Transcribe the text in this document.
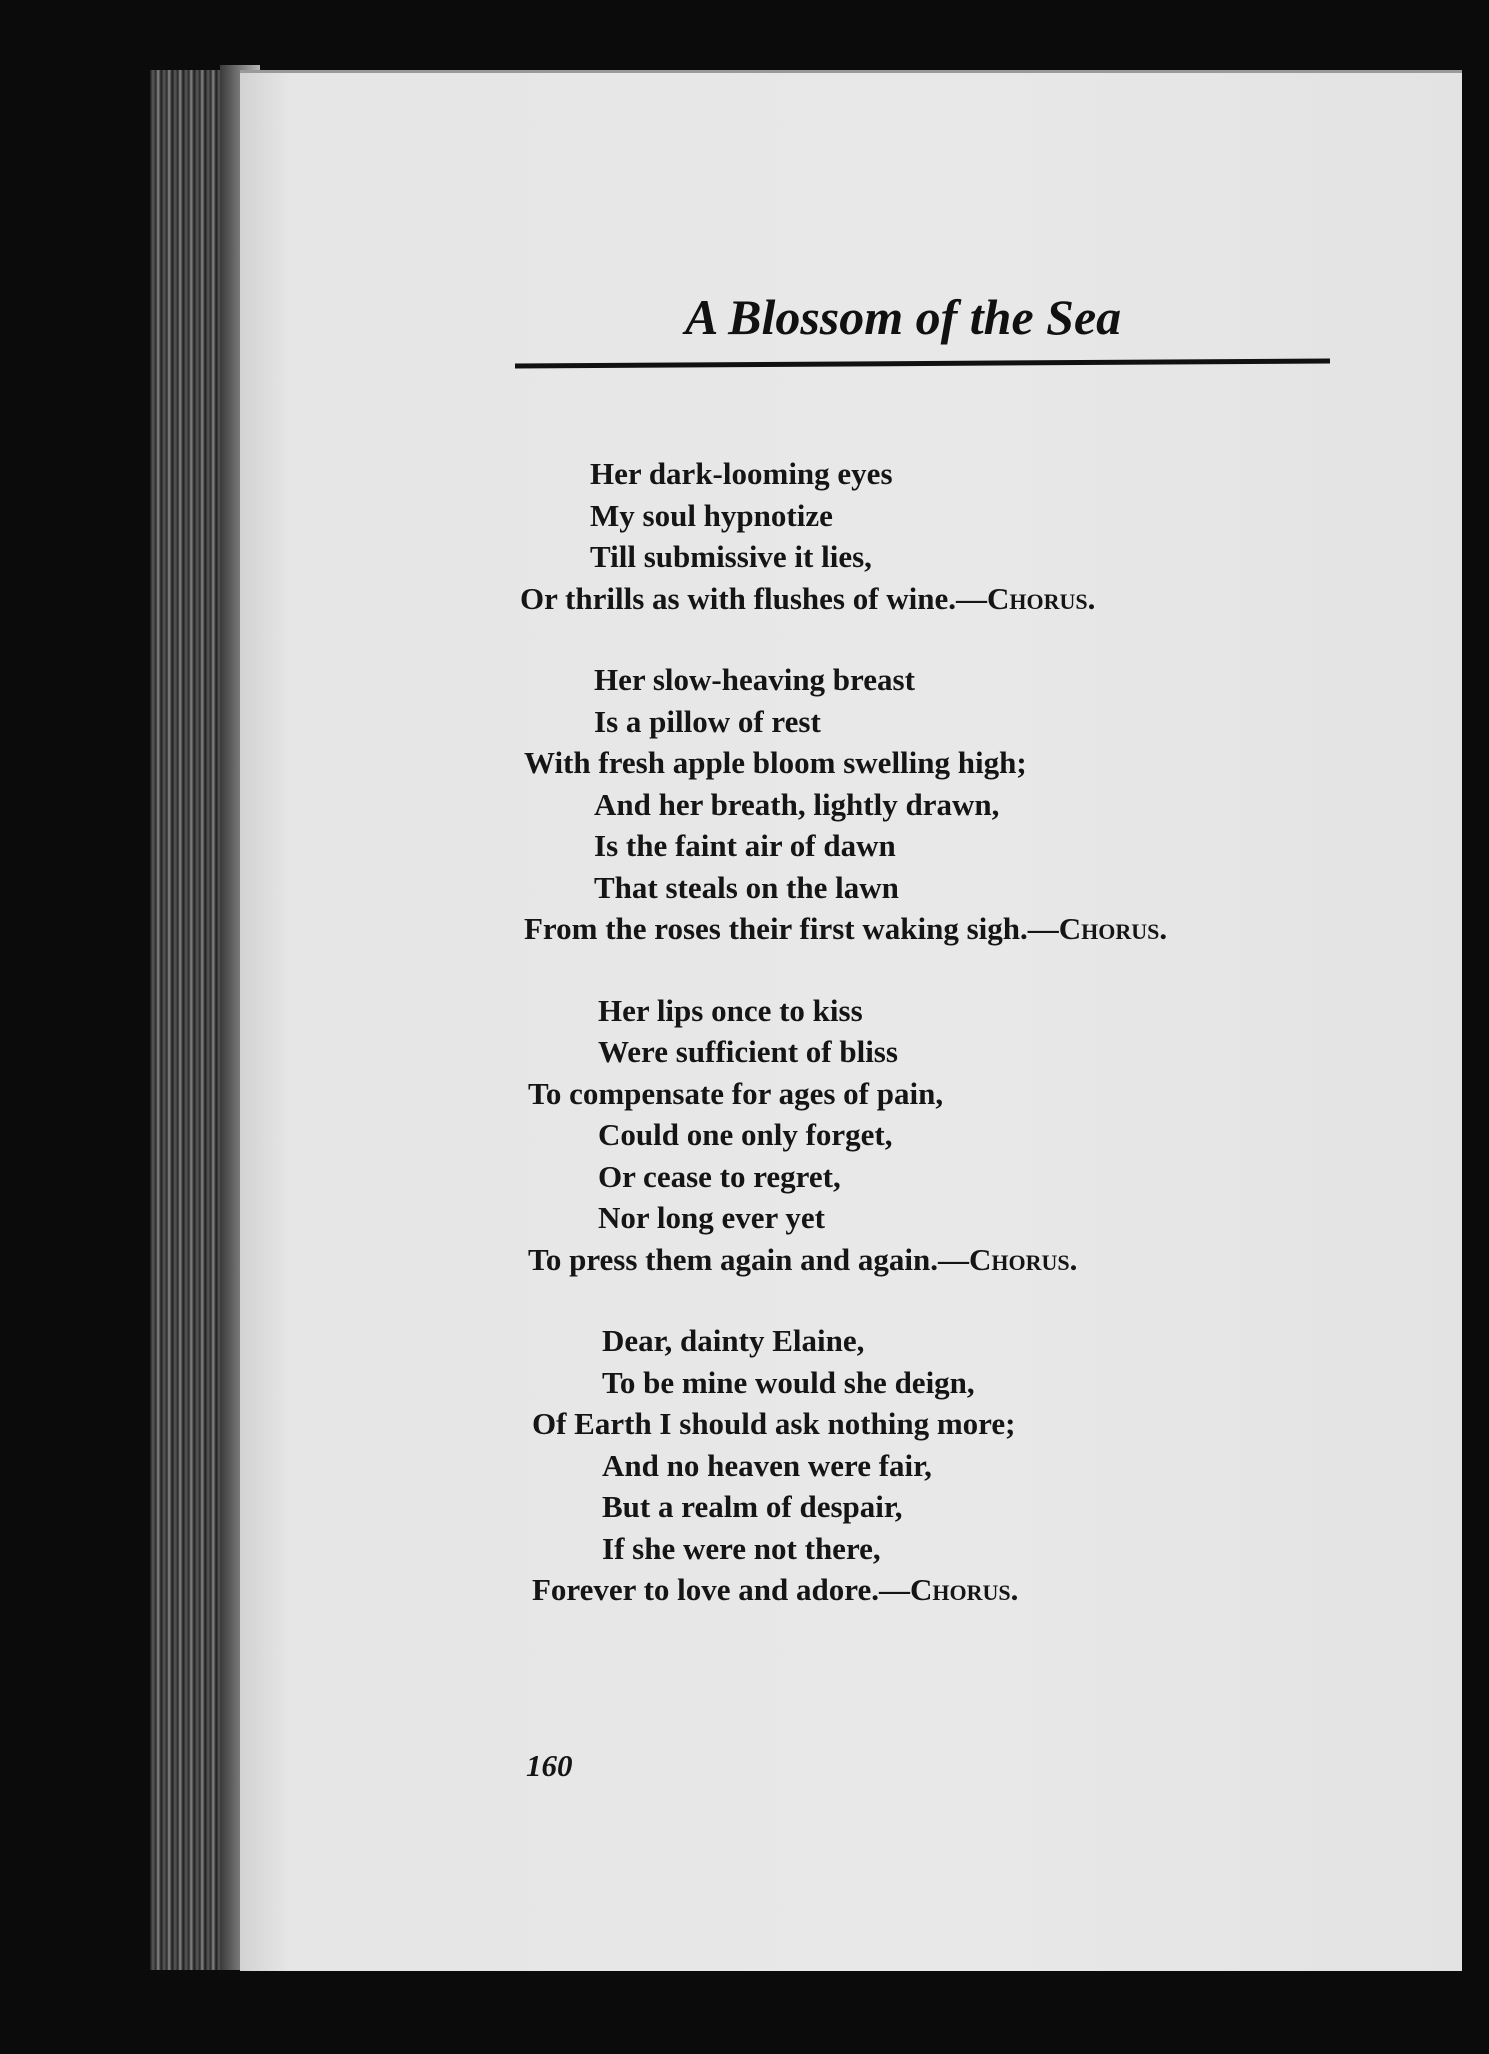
A Blossom of the Sea
Her dark-looming eyes
My soul hypnotize
Till submissive it lies,
Or thrills as with flushes of wine.—Chorus.
Her slow-heaving breast
Is a pillow of rest
With fresh apple bloom swelling high;
And her breath, lightly drawn,
Is the faint air of dawn
That steals on the lawn
From the roses their first waking sigh.—Chorus.
Her lips once to kiss
Were sufficient of bliss
To compensate for ages of pain,
Could one only forget,
Or cease to regret,
Nor long ever yet
To press them again and again.—Chorus.
Dear, dainty Elaine,
To be mine would she deign,
Of Earth I should ask nothing more;
And no heaven were fair,
But a realm of despair,
If she were not there,
Forever to love and adore.—Chorus.
160
